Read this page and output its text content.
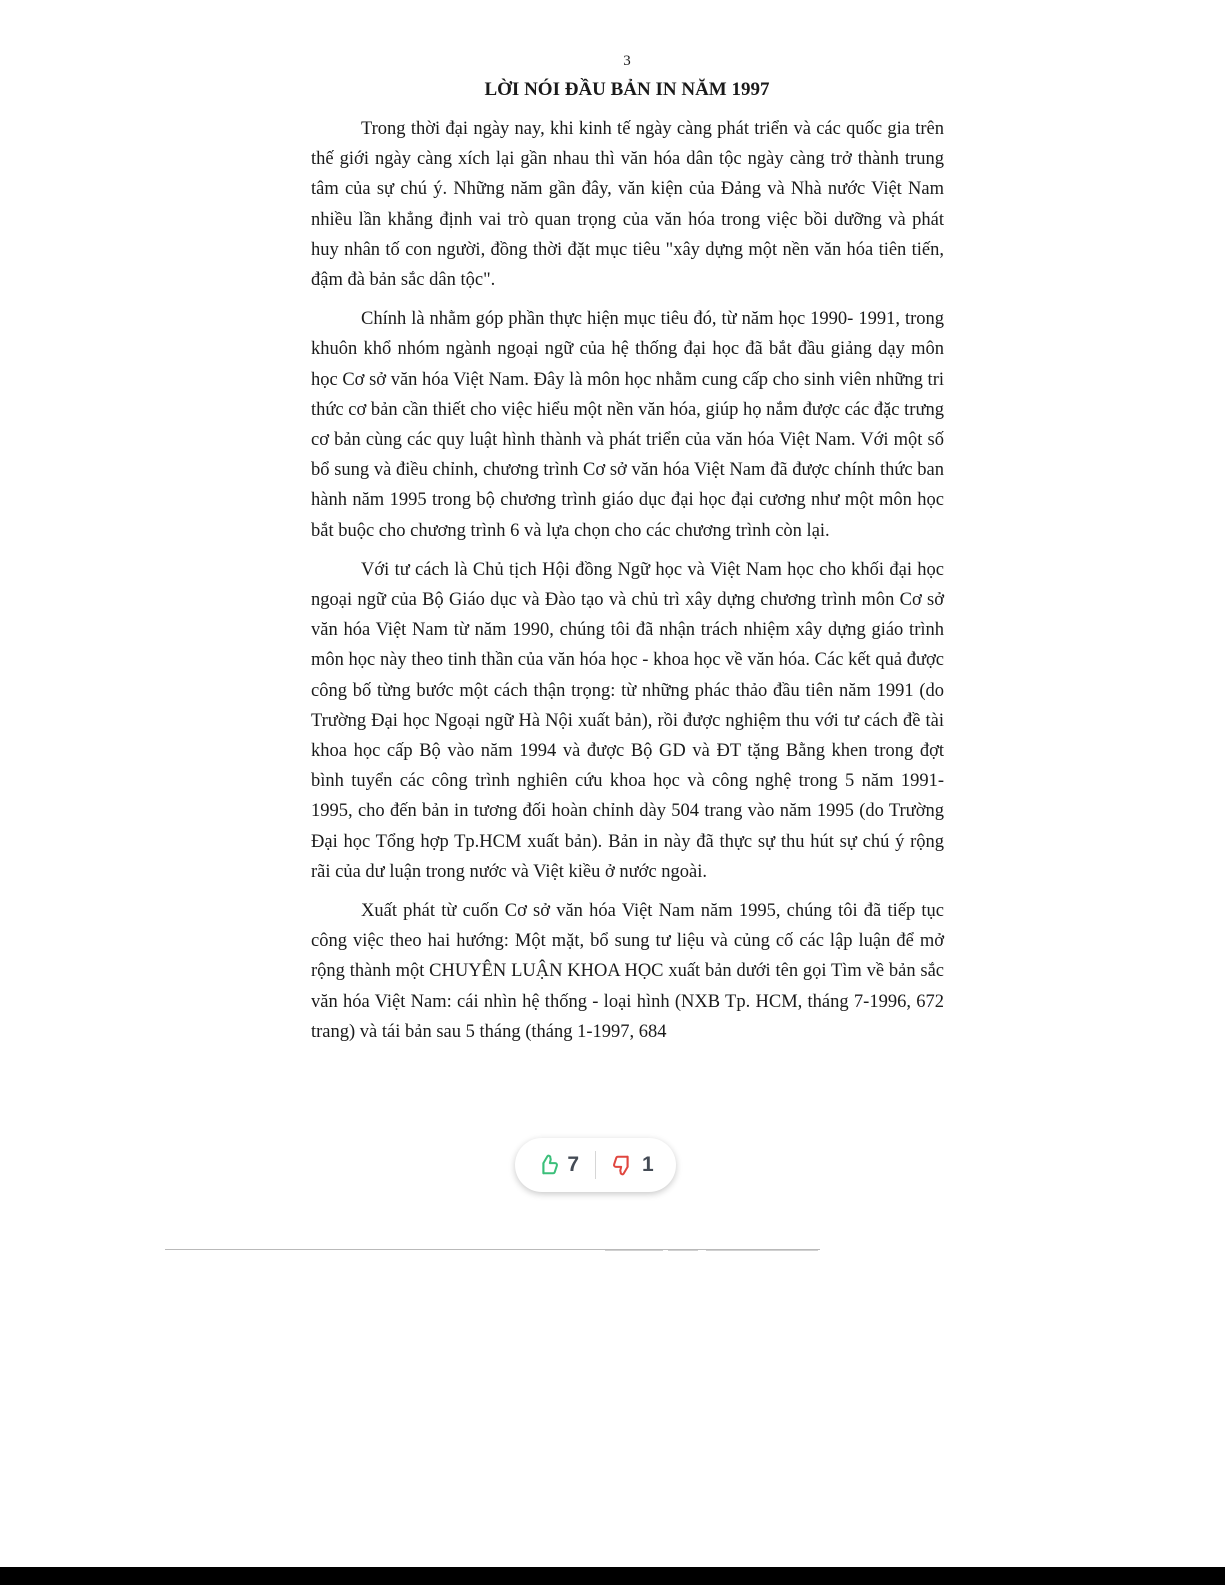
3
LỜI NÓI ĐẦU BẢN IN NĂM 1997

Trong thời đại ngày nay, khi kinh tế ngày càng phát triển và các quốc gia trên thế giới ngày càng xích lại gần nhau thì văn hóa dân tộc ngày càng trở thành trung tâm của sự chú ý. Những năm gần đây, văn kiện của Đảng và Nhà nước Việt Nam nhiều lần khẳng định vai trò quan trọng của văn hóa trong việc bồi dưỡng và phát huy nhân tố con người, đồng thời đặt mục tiêu "xây dựng một nền văn hóa tiên tiến, đậm đà bản sắc dân tộc".

Chính là nhằm góp phần thực hiện mục tiêu đó, từ năm học 1990- 1991, trong khuôn khổ nhóm ngành ngoại ngữ của hệ thống đại học đã bắt đầu giảng dạy môn học Cơ sở văn hóa Việt Nam. Đây là môn học nhằm cung cấp cho sinh viên những tri thức cơ bản cần thiết cho việc hiểu một nền văn hóa, giúp họ nắm được các đặc trưng cơ bản cùng các quy luật hình thành và phát triển của văn hóa Việt Nam. Với một số bổ sung và điều chỉnh, chương trình Cơ sở văn hóa Việt Nam đã được chính thức ban hành năm 1995 trong bộ chương trình giáo dục đại học đại cương như một môn học bắt buộc cho chương trình 6 và lựa chọn cho các chương trình còn lại.

Với tư cách là Chủ tịch Hội đồng Ngữ học và Việt Nam học cho khối đại học ngoại ngữ của Bộ Giáo dục và Đào tạo và chủ trì xây dựng chương trình môn Cơ sở văn hóa Việt Nam từ năm 1990, chúng tôi đã nhận trách nhiệm xây dựng giáo trình môn học này theo tinh thần của văn hóa học - khoa học về văn hóa. Các kết quả được công bố từng bước một cách thận trọng: từ những phác thảo đầu tiên năm 1991 (do Trường Đại học Ngoại ngữ Hà Nội xuất bản), rồi được nghiệm thu với tư cách đề tài khoa học cấp Bộ vào năm 1994 và được Bộ GD và ĐT tặng Bằng khen trong đợt bình tuyển các công trình nghiên cứu khoa học và công nghệ trong 5 năm 1991-1995, cho đến bản in tương đối hoàn chỉnh dày 504 trang vào năm 1995 (do Trường Đại học Tổng hợp Tp.HCM xuất bản). Bản in này đã thực sự thu hút sự chú ý rộng rãi của dư luận trong nước và Việt kiều ở nước ngoài.

Xuất phát từ cuốn Cơ sở văn hóa Việt Nam năm 1995, chúng tôi đã tiếp tục công việc theo hai hướng: Một mặt, bổ sung tư liệu và củng cố các lập luận để mở rộng thành một CHUYÊN LUẬN KHOA HỌC xuất bản dưới tên gọi Tìm về bản sắc văn hóa Việt Nam: cái nhìn hệ thống - loại hình (NXB Tp. HCM, tháng 7-1996, 672 trang) và tái bản sau 5 tháng (tháng 1-1997, 684

7	1
